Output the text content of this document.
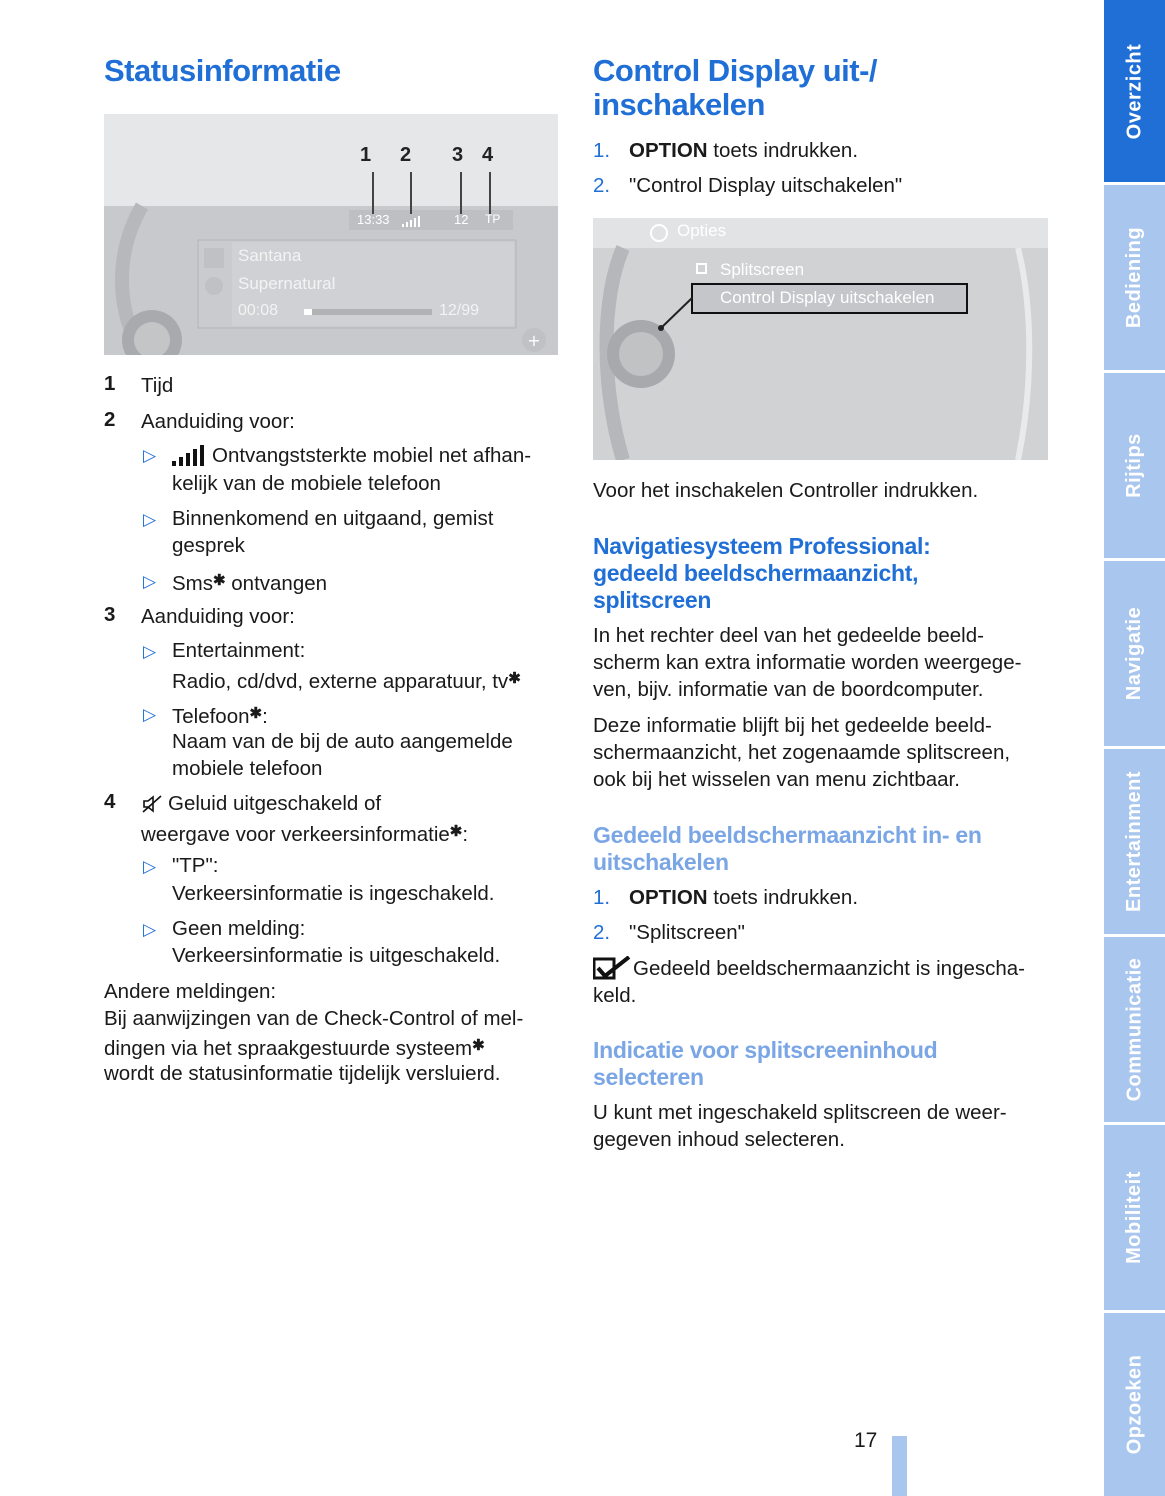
Statusinformatie
+
1 2 3 4
13:33	12 TP
Santana
Supernatural
00:08	12/99
1 Tijd
2 Aanduiding voor:
▷	Ontvangststerkte mobiel net afhan-
kelijk van de mobiele telefoon
▷ Binnenkomend en uitgaand, gemist
gesprek
▷ Sms✱ ontvangen
3 Aanduiding voor:
▷ Entertainment:
Radio, cd/dvd, externe apparatuur, tv✱
▷ Telefoon✱:
Naam van de bij de auto aangemelde
mobiele telefoon
4	Geluid uitgeschakeld of
weergave voor verkeersinformatie✱:
▷ "TP":
Verkeersinformatie is ingeschakeld.
▷ Geen melding:
Verkeersinformatie is uitgeschakeld.
Andere meldingen:
Bij aanwijzingen van de Check-Control of mel-
dingen via het spraakgestuurde systeem✱
wordt de statusinformatie tijdelijk versluierd.
Control Display uit-/
inschakelen
1. OPTION toets indrukken.
2. "Control Display uitschakelen"
Opties
Splitscreen
Control Display uitschakelen
Voor het inschakelen Controller indrukken.
Navigatiesysteem Professional:
gedeeld beeldschermaanzicht,
splitscreen
In het rechter deel van het gedeelde beeld-
scherm kan extra informatie worden weergege-
ven, bijv. informatie van de boordcomputer.
Deze informatie blijft bij het gedeelde beeld-
schermaanzicht, het zogenaamde splitscreen,
ook bij het wisselen van menu zichtbaar.
Gedeeld beeldschermaanzicht in- en
uitschakelen
1. OPTION toets indrukken.
2. "Splitscreen"
Gedeeld beeldschermaanzicht is ingescha-
keld.
Indicatie voor splitscreeninhoud
selecteren
U kunt met ingeschakeld splitscreen de weer-
gegeven inhoud selecteren.
17
Overzicht
Bediening
Rijtips
Navigatie
Entertainment
Communicatie
Mobiliteit
Opzoeken
